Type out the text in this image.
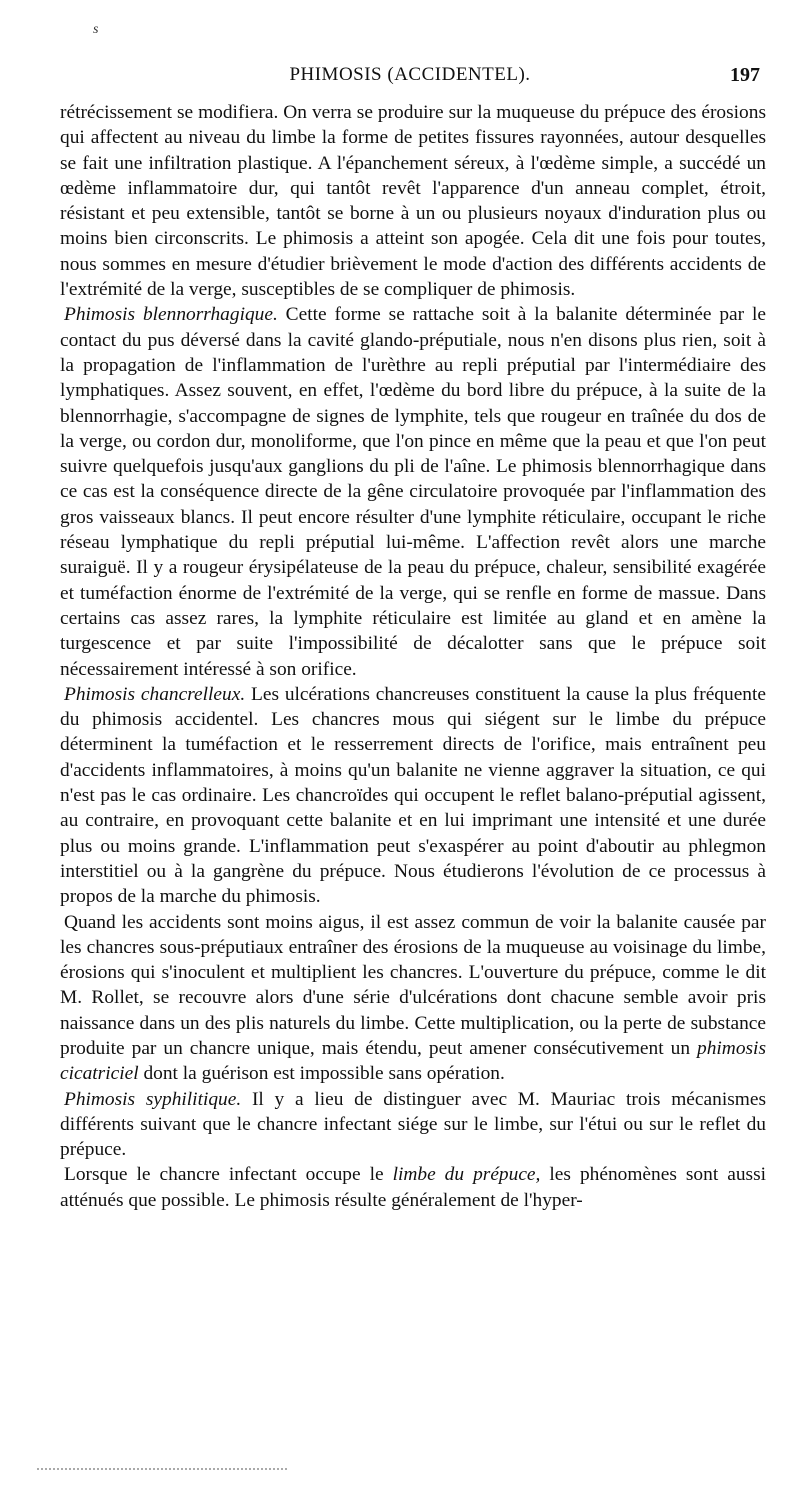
s
PHIMOSIS (ACCIDENTEL).	197

rétrécissement se modifiera. On verra se produire sur la muqueuse du prépuce des érosions qui affectent au niveau du limbe la forme de petites fissures rayonnées, autour desquelles se fait une infiltration plastique. A l'épanchement séreux, à l'œdème simple, a succédé un œdème inflammatoire dur, qui tantôt revêt l'apparence d'un anneau complet, étroit, résistant et peu extensible, tantôt se borne à un ou plusieurs noyaux d'induration plus ou moins bien circonscrits. Le phimosis a atteint son apogée. Cela dit une fois pour toutes, nous sommes en mesure d'étudier brièvement le mode d'action des différents accidents de l'extrémité de la verge, susceptibles de se compliquer de phimosis.

Phimosis blennorrhagique. Cette forme se rattache soit à la balanite déterminée par le contact du pus déversé dans la cavité glando-préputiale, nous n'en disons plus rien, soit à la propagation de l'inflammation de l'urèthre au repli préputial par l'intermédiaire des lymphatiques. Assez souvent, en effet, l'œdème du bord libre du prépuce, à la suite de la blennorrhagie, s'accompagne de signes de lymphite, tels que rougeur en traînée du dos de la verge, ou cordon dur, monoliforme, que l'on pince en même que la peau et que l'on peut suivre quelquefois jusqu'aux ganglions du pli de l'aîne. Le phimosis blennorrhagique dans ce cas est la conséquence directe de la gêne circulatoire provoquée par l'inflammation des gros vaisseaux blancs. Il peut encore résulter d'une lymphite réticulaire, occupant le riche réseau lymphatique du repli préputial lui-même. L'affection revêt alors une marche suraiguë. Il y a rougeur érysipélateuse de la peau du prépuce, chaleur, sensibilité exagérée et tuméfaction énorme de l'extrémité de la verge, qui se renfle en forme de massue. Dans certains cas assez rares, la lymphite réticulaire est limitée au gland et en amène la turgescence et par suite l'impossibilité de décalotter sans que le prépuce soit nécessairement intéressé à son orifice.

Phimosis chancrelleux. Les ulcérations chancreuses constituent la cause la plus fréquente du phimosis accidentel. Les chancres mous qui siégent sur le limbe du prépuce déterminent la tuméfaction et le resserrement directs de l'orifice, mais entraînent peu d'accidents inflammatoires, à moins qu'un balanite ne vienne aggraver la situation, ce qui n'est pas le cas ordinaire. Les chancroïdes qui occupent le reflet balano-préputial agissent, au contraire, en provoquant cette balanite et en lui imprimant une intensité et une durée plus ou moins grande. L'inflammation peut s'exaspérer au point d'aboutir au phlegmon interstitiel ou à la gangrène du prépuce. Nous étudierons l'évolution de ce processus à propos de la marche du phimosis.

Quand les accidents sont moins aigus, il est assez commun de voir la balanite causée par les chancres sous-préputiaux entraîner des érosions de la muqueuse au voisinage du limbe, érosions qui s'inoculent et multiplient les chancres. L'ouverture du prépuce, comme le dit M. Rollet, se recouvre alors d'une série d'ulcérations dont chacune semble avoir pris naissance dans un des plis naturels du limbe. Cette multiplication, ou la perte de substance produite par un chancre unique, mais étendu, peut amener consécutivement un phimosis cicatriciel dont la guérison est impossible sans opération.

Phimosis syphilitique. Il y a lieu de distinguer avec M. Mauriac trois mécanismes différents suivant que le chancre infectant siége sur le limbe, sur l'étui ou sur le reflet du prépuce.

Lorsque le chancre infectant occupe le limbe du prépuce, les phénomènes sont aussi atténués que possible. Le phimosis résulte généralement de l'hyper-
